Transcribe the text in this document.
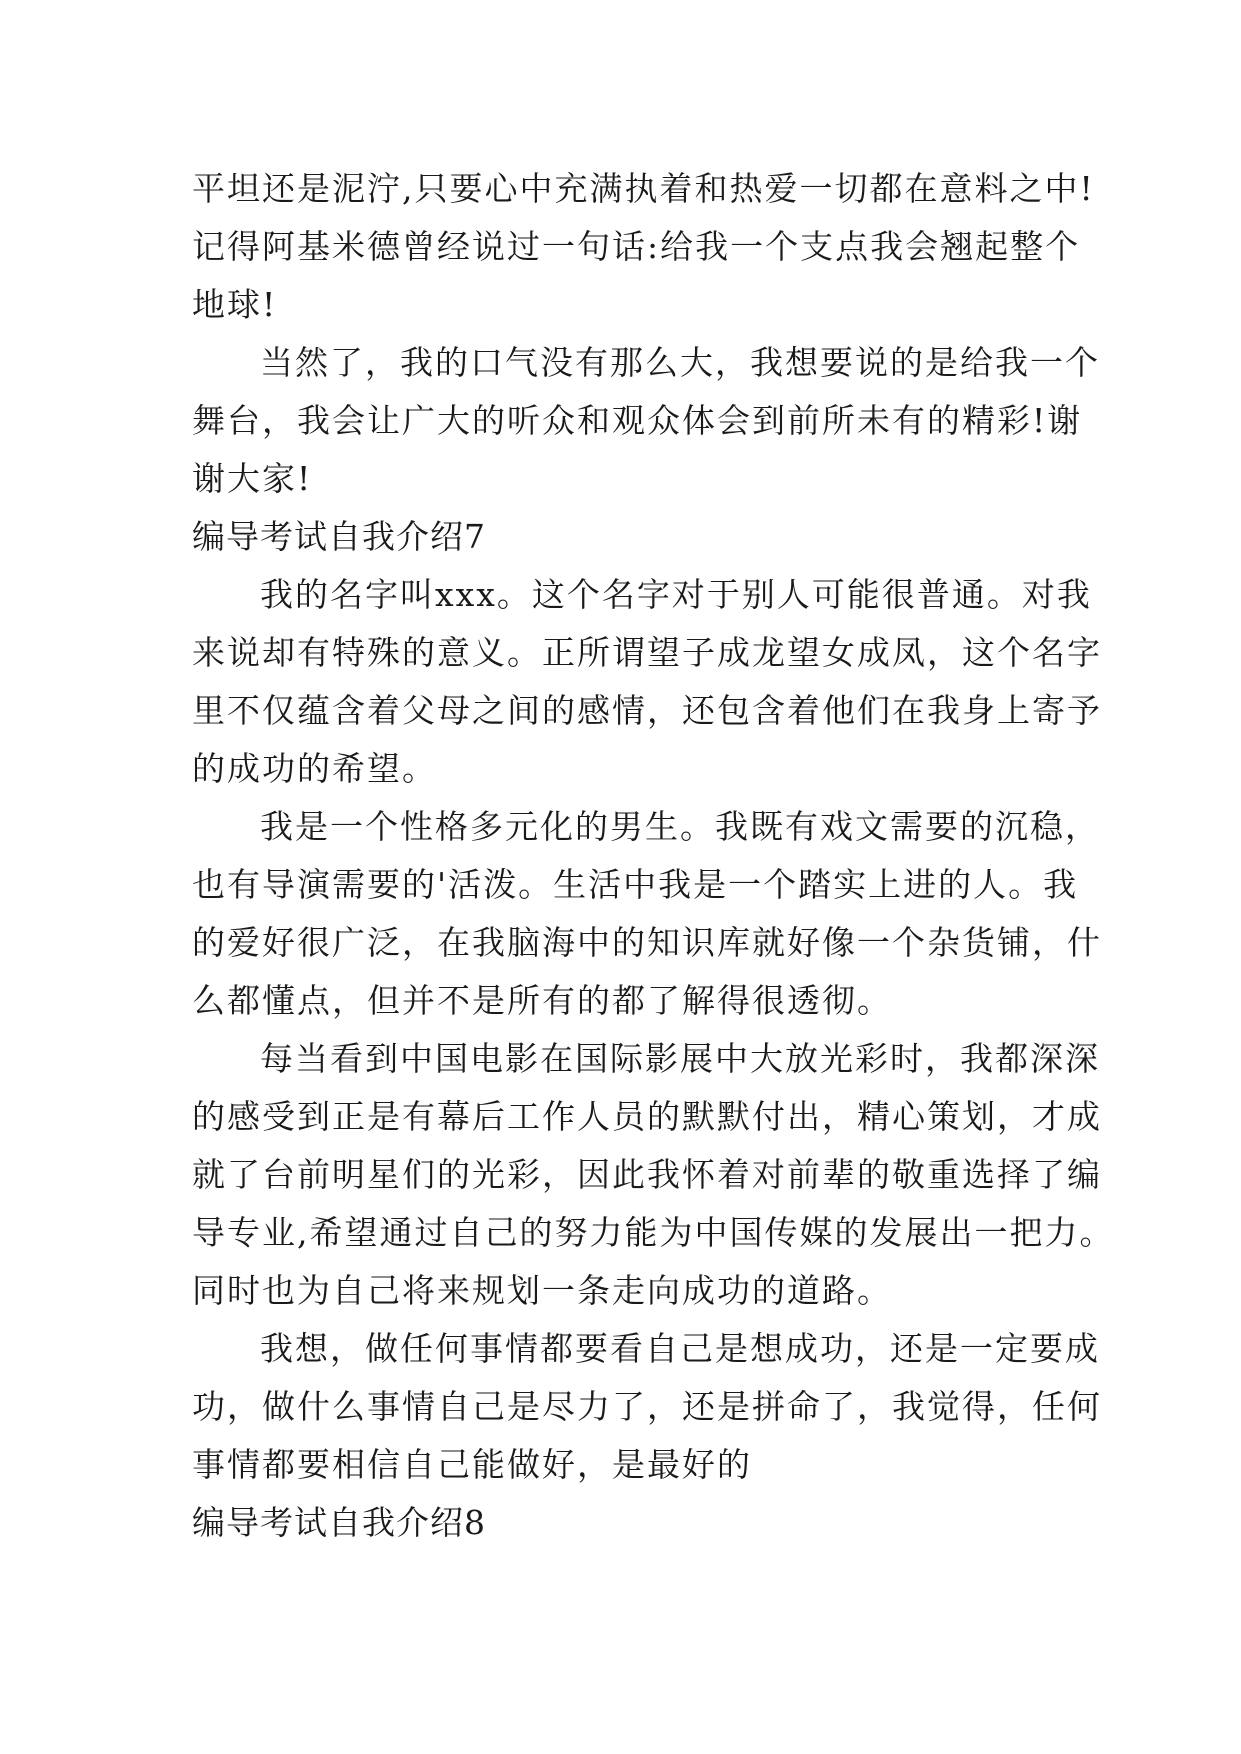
平坦还是泥泞,只要心中充满执着和热爱一切都在意料之中!
记得阿基米德曾经说过一句话:给我一个支点我会翘起整个
地球!
当然了，我的口气没有那么大，我想要说的是给我一个
舞台，我会让广大的听众和观众体会到前所未有的精彩!谢
谢大家!
编导考试自我介绍7
我的名字叫xxx。这个名字对于别人可能很普通。对我
来说却有特殊的意义。正所谓望子成龙望女成凤，这个名字
里不仅蕴含着父母之间的感情，还包含着他们在我身上寄予
的成功的希望。
我是一个性格多元化的男生。我既有戏文需要的沉稳，
也有导演需要的'活泼。生活中我是一个踏实上进的人。我
的爱好很广泛，在我脑海中的知识库就好像一个杂货铺，什
么都懂点，但并不是所有的都了解得很透彻。
每当看到中国电影在国际影展中大放光彩时，我都深深
的感受到正是有幕后工作人员的默默付出，精心策划，才成
就了台前明星们的光彩，因此我怀着对前辈的敬重选择了编
导专业,希望通过自己的努力能为中国传媒的发展出一把力。
同时也为自己将来规划一条走向成功的道路。
我想，做任何事情都要看自己是想成功，还是一定要成
功，做什么事情自己是尽力了，还是拼命了，我觉得，任何
事情都要相信自己能做好，是最好的
编导考试自我介绍8
